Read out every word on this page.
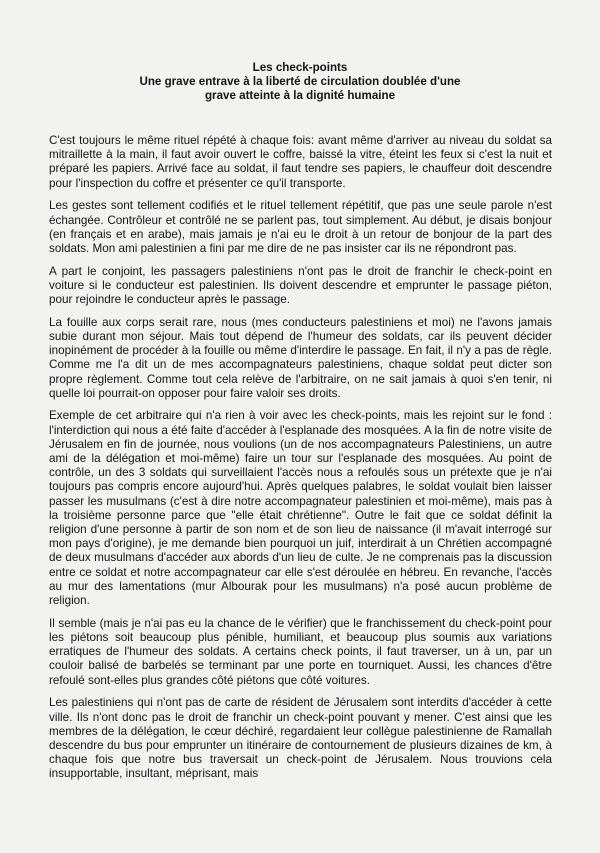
Les check-points
Une grave entrave à la liberté de circulation doublée d'une
grave atteinte à la dignité humaine

C'est toujours le même rituel répété à chaque fois: avant même d'arriver au niveau du soldat sa mitraillette à la main, il faut avoir ouvert le coffre, baissé la vitre, éteint les feux si c'est la nuit et préparé les papiers. Arrivé face au soldat, il faut tendre ses papiers, le chauffeur doit descendre pour l'inspection du coffre et présenter ce qu'il transporte.

Les gestes sont tellement codifiés et le rituel tellement répétitif, que pas une seule parole n'est échangée. Contrôleur et contrôlé ne se parlent pas, tout simplement. Au début, je disais bonjour (en français et en arabe), mais jamais je n'ai eu le droit à un retour de bonjour de la part des soldats. Mon ami palestinien a fini par me dire de ne pas insister car ils ne répondront pas.

A part le conjoint, les passagers palestiniens n'ont pas le droit de franchir le check-point en voiture si le conducteur est palestinien. Ils doivent descendre et emprunter le passage piéton, pour rejoindre le conducteur après le passage.

La fouille aux corps serait rare, nous (mes conducteurs palestiniens et moi) ne l'avons jamais subie durant mon séjour. Mais tout dépend de l'humeur des soldats, car ils peuvent décider inopinément de procéder à la fouille ou même d'interdire le passage. En fait, il n'y a pas de règle. Comme me l'a dit un de mes accompagnateurs palestiniens, chaque soldat peut dicter son propre règlement. Comme tout cela relève de l'arbitraire, on ne sait jamais à quoi s'en tenir, ni quelle loi pourrait-on opposer pour faire valoir ses droits.

Exemple de cet arbitraire qui n'a rien à voir avec les check-points, mais les rejoint sur le fond : l'interdiction qui nous a été faite d'accéder à l'esplanade des mosquées. A la fin de notre visite de Jérusalem en fin de journée, nous voulions (un de nos accompagnateurs Palestiniens, un autre ami de la délégation et moi-même) faire un tour sur l'esplanade des mosquées. Au point de contrôle, un des 3 soldats qui surveillaient l'accès nous a refoulés sous un prétexte que je n'ai toujours pas compris encore aujourd'hui. Après quelques palabres, le soldat voulait bien laisser passer les musulmans (c'est à dire notre accompagnateur palestinien et moi-même), mais pas à la troisième personne parce que "elle était chrétienne". Outre le fait que ce soldat définit la religion d'une personne à partir de son nom et de son lieu de naissance (il m'avait interrogé sur mon pays d'origine), je me demande bien pourquoi un juif, interdirait à un Chrétien accompagné de deux musulmans d'accéder aux abords d'un lieu de culte. Je ne comprenais pas la discussion entre ce soldat et notre accompagnateur car elle s'est déroulée en hébreu. En revanche, l'accès au mur des lamentations (mur Albourak pour les musulmans) n'a posé aucun problème de religion.

Il semble (mais je n'ai pas eu la chance de le vérifier) que le franchissement du check-point pour les piétons soit beaucoup plus pénible, humiliant, et beaucoup plus soumis aux variations erratiques de l'humeur des soldats. A certains check points, il faut traverser, un à un, par un couloir balisé de barbelés se terminant par une porte en tourniquet. Aussi, les chances d'être refoulé sont-elles plus grandes côté piétons que côté voitures.

Les palestiniens qui n'ont pas de carte de résident de Jérusalem sont interdits d'accéder à cette ville. Ils n'ont donc pas le droit de franchir un check-point pouvant y mener. C'est ainsi que les membres de la délégation, le cœur déchiré, regardaient leur collègue palestinienne de Ramallah descendre du bus pour emprunter un itinéraire de contournement de plusieurs dizaines de km, à chaque fois que notre bus traversait un check-point de Jérusalem. Nous trouvions cela insupportable, insultant, méprisant, mais
